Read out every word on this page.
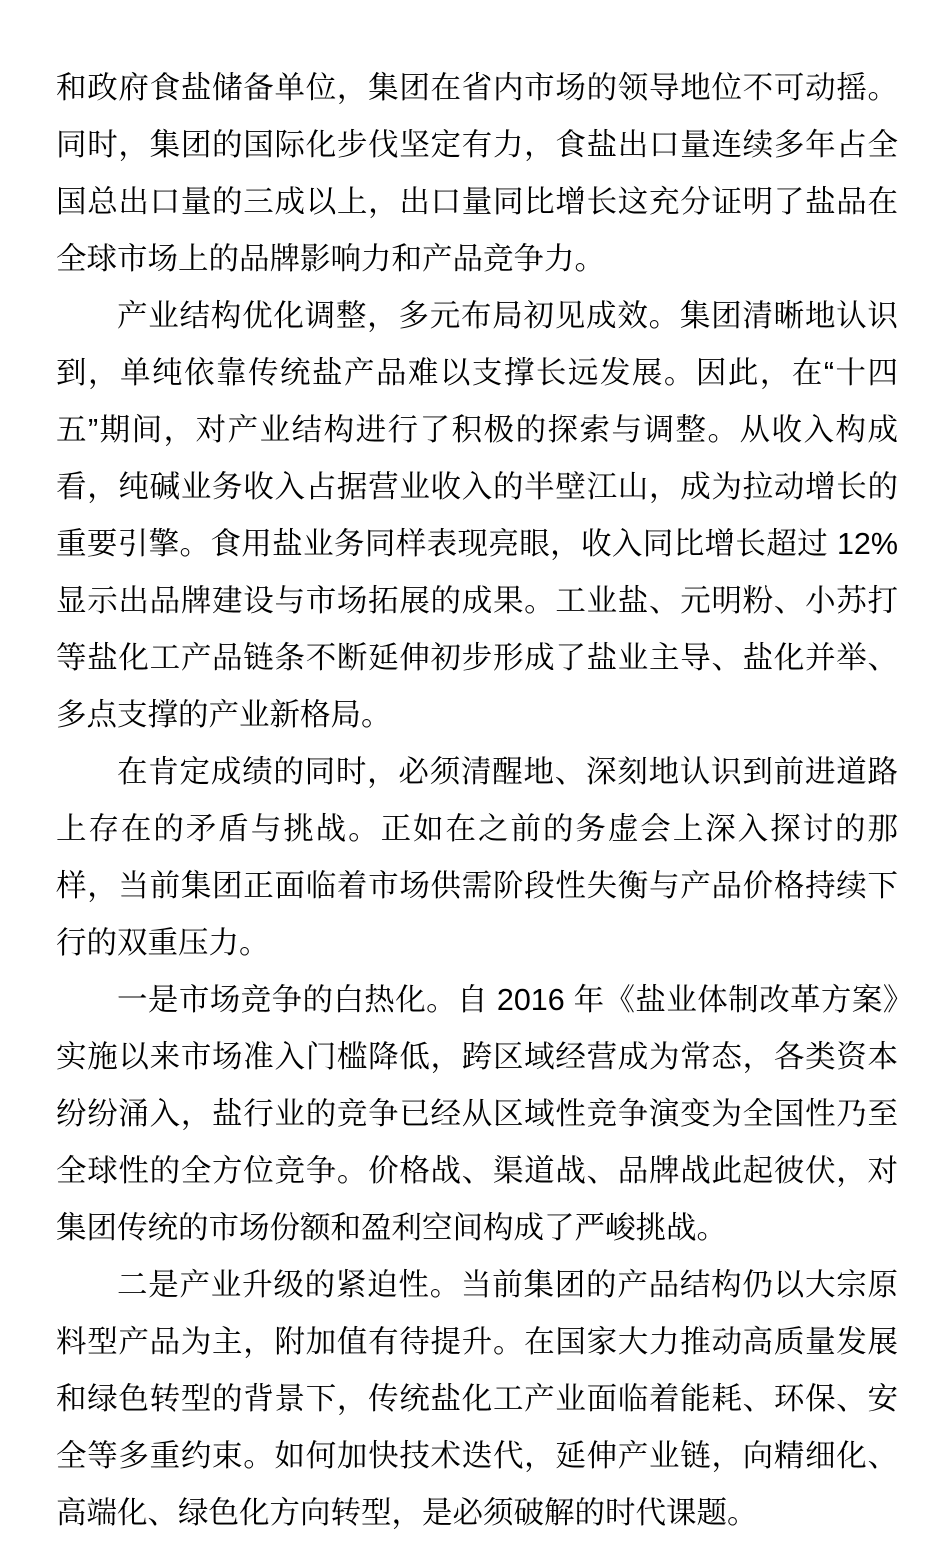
和政府食盐储备单位，集团在省内市场的领导地位不可动摇。同时，集团的国际化步伐坚定有力，食盐出口量连续多年占全国总出口量的三成以上，出口量同比增长这充分证明了盐品在全球市场上的品牌影响力和产品竞争力。

产业结构优化调整，多元布局初见成效。集团清晰地认识到，单纯依靠传统盐产品难以支撑长远发展。因此，在“十四五”期间，对产业结构进行了积极的探索与调整。从收入构成看，纯碱业务收入占据营业收入的半壁江山，成为拉动增长的重要引擎。食用盐业务同样表现亮眼，收入同比增长超过 12%显示出品牌建设与市场拓展的成果。工业盐、元明粉、小苏打等盐化工产品链条不断延伸初步形成了盐业主导、盐化并举、多点支撑的产业新格局。

在肯定成绩的同时，必须清醒地、深刻地认识到前进道路上存在的矛盾与挑战。正如在之前的务虚会上深入探讨的那样，当前集团正面临着市场供需阶段性失衡与产品价格持续下行的双重压力。

一是市场竞争的白热化。自 2016 年《盐业体制改革方案》实施以来市场准入门槛降低，跨区域经营成为常态，各类资本纷纷涌入，盐行业的竞争已经从区域性竞争演变为全国性乃至全球性的全方位竞争。价格战、渠道战、品牌战此起彼伏，对集团传统的市场份额和盈利空间构成了严峻挑战。

二是产业升级的紧迫性。当前集团的产品结构仍以大宗原料型产品为主，附加值有待提升。在国家大力推动高质量发展和绿色转型的背景下，传统盐化工产业面临着能耗、环保、安全等多重约束。如何加快技术迭代，延伸产业链，向精细化、高端化、绿色化方向转型，是必须破解的时代课题。
